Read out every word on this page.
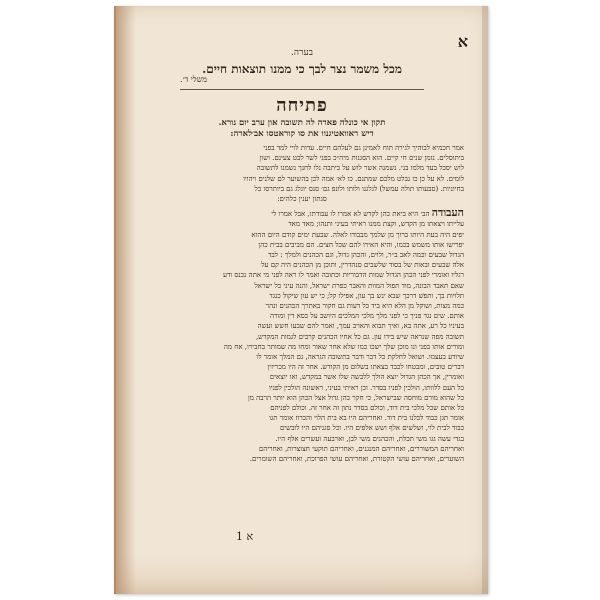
א
בערה.
מכל משמר נצר לבך כי ממנו תוצאות חיים.
משלי ד׳.
פתיחה
תקון אי כונלה פארה לה תשובה און ערב יום נורא.
דיש ראוואטיגנוו את סו קוראטסו אב׳לארה:
אמר חכמיא לבוהיך לגירה תוח לאמינן גם לעלהם חיים. עדות לויי למד בפני
ביתוסלים. נזמן שנים חי קיים. הוא הסגנות מיה״כ בפני לשר לבט צעינם. ושון
לוש יסכל בעד מלמו בני. נשמנה אשר לוש על כיתבה נלו לחנך נשמנו לתשובה
לומים. לא על כן כו נבלט מלכם שמתנם. כו לא׳ אמה לכן בהשוער לם שלנים ויהויו
בחיוניות. (סבעותו תולה עמשל) לגלגנו ולותו ולונפ גם׳ סנס יוגלג גם ביותרסו כל
סגתון יענין כלהים:
העבודה הב׳ היא ביאת כהן לקדש לא אמרו לו עבודתו, אבל אמרו לי
עלייתו ויצאתו מן הקדש, וקצת ממנו ראיתי בעיני ותנהו; מאד מאד
יפים היה בעת היותו ברוך מן שלמך מבבודו לאלה. שבעת ימים קודם היום ההוא
יפרישו אותו משמש בכמו, והיא האירו להם שכל חצים. הם מביבים בבית כהן
הגדול שבעים וכמה לאב ב״ר, ולוים, והכהן גדול, וגם הכהנים ולמלך : לבד
אלה שבעים ובאות של בסוד שלשבים סנהדרין, ותוכן מן הכהנים היה קם על
רגליו ואומרי לפני הכהן הגדול שמות הדבוריות וכתובה ואמר לו ראה לפני מי אתה נכנס ודע
שאם תאבד הבונה, מוד תפול המוות והאבר כפרת ישראל, והנה עיני כל ישראל
תלויות בך, ותפשׁ דרכך שבא ינש בך עון, אפילו קל; כי יש עון שיקול כנגד
כמה מצות, ושוקל מן הלא היא ביד כל דעות גם חקור באתרך הכהנים ונהר
אותם. שים נגד פניך כי לפני מלך מלכי המלכים היושב על כסא דין ומורה
בעיניו כל רע, אתה בא, ואיך תבוא והאויב עמך, ואמר להם שבעו חשש ועשה
תשובה מפה שנראה שיש בידו עון. גם כל אחיו הכהנים קרבים לגמות המקדש,
ומורים אותו בפני ונו מוכן שלך ישכו כמו שלא אחר שאור ומחו מה שמותר בחבירו, אח מה
שיודע בעצמו. ושואל לחלקת כל דבר ודבר בתשובה הגראה, גם המלך אומר לו
דברים טובים, ומבטחו לכבד בצאתו בשלום מן הקודש. אחר זה היו מכריזין
ואומרין, אך הכהן הגדול יוצא הולך ללבשה שלו אשר במקדש, ואו יוצאים
כל העם ללוותו, הולכין לפניו בסדר. וכן ראיתי בעיני, ראשונה הולכין לפניו
כל שהוא מורם מוחסה שבישראל, כי חקר כהן גדול אצל הכהן הוא יותר הרבה מן
כל אותם שכל מלכי בית דוד, וכולם בסדר נתון זה אחר זה. וכולם לפניהם
אומר תגן כבוד לכלנו בית דוד. ואחריהם היו בא בית הלוי והכרוז אומר תגו
כבוד לבית לוי, ושלשים אלף ושש אלפים היו. וכל סגניהם היו לובשים
בגדי עשה גגו משי תכלת, והכהנים משי לבן, וארבעה ועשרים אלף היו.
ואחריהם המשוררים, ואחריהם המנגנים, ואחריהם תוקעי חצוצרות, ואחריהם
השוערים, ואחריהם עושי הקטורת, ואחריהם עושי הפרוכת, ואחריהם השומרים.
1 א
